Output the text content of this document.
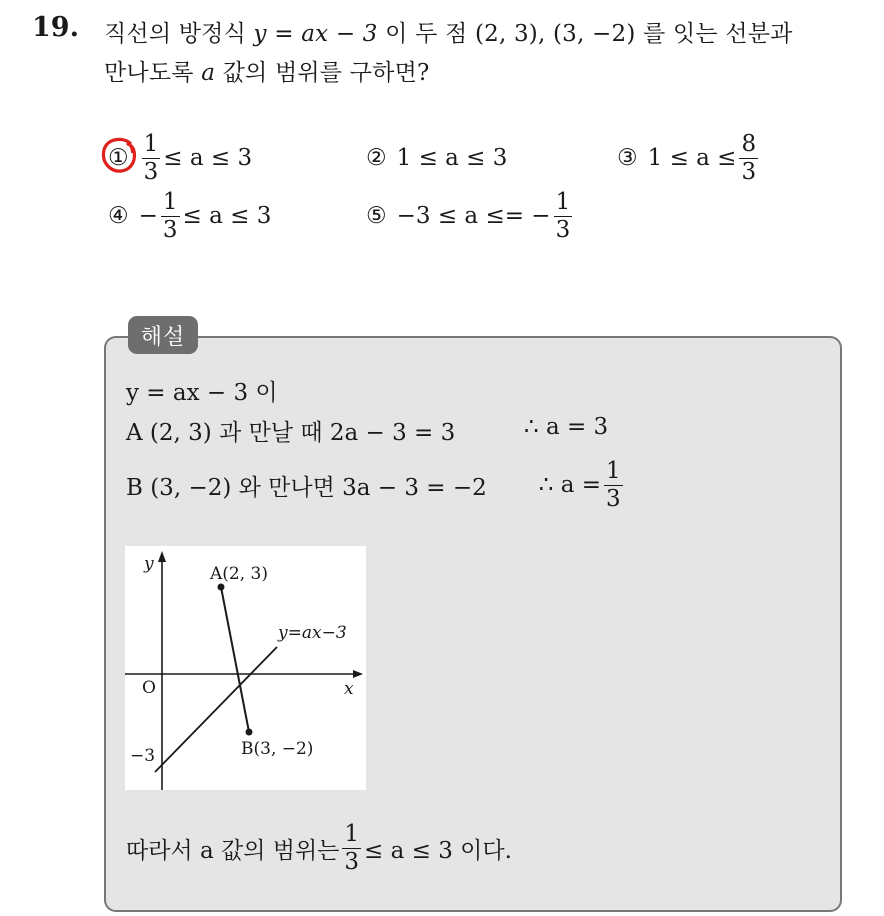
19. 직선의 방정식 y = ax − 3 이 두 점 (2, 3), (3, −2) 를 잇는 선분과
만나도록 a 값의 범위를 구하면?
① $\frac{1}{3} \le a \le 3$	② 1 ≤ a ≤ 3	③ $1 \le a \le \frac{8}{3}$
④ − $\frac{1}{3} \le a \le 3$	⑤ −3 ≤ a ≤= − $\frac{1}{3}$
해설
y = ax − 3 이
A (2, 3) 과 만날 때 2a − 3 = 3	∴ a = 3
B (3, −2) 와 만나면 3a − 3 = −2 ∴ $a = \frac{1}{3}$
y
x
O
−3
A(2, 3)
B(3, −2)
y=ax−3
따라서 a 값의 범위는 $\frac{1}{3} \le a \le 3$ 이다.
